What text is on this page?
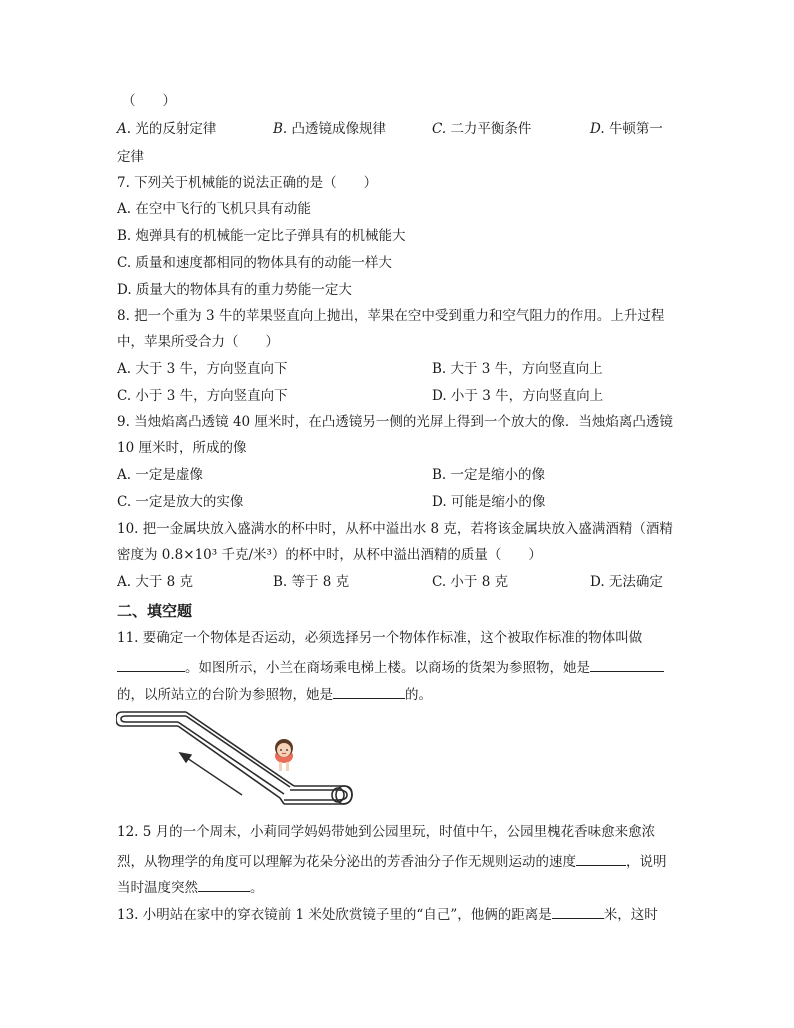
（　　）
A. 光的反射定律	B. 凸透镜成像规律	C. 二力平衡条件	D. 牛顿第一
定律
7. 下列关于机械能的说法正确的是（　　）
A. 在空中飞行的飞机只具有动能
B. 炮弹具有的机械能一定比子弹具有的机械能大
C. 质量和速度都相同的物体具有的动能一样大
D. 质量大的物体具有的重力势能一定大
8. 把一个重为 3 牛的苹果竖直向上抛出，苹果在空中受到重力和空气阻力的作用。上升过程
中，苹果所受合力（　　）
A. 大于 3 牛，方向竖直向下	B. 大于 3 牛，方向竖直向上
C. 小于 3 牛，方向竖直向下	D. 小于 3 牛，方向竖直向上
9. 当烛焰离凸透镜 40 厘米时，在凸透镜另一侧的光屏上得到一个放大的像．当烛焰离凸透镜
10 厘米时，所成的像
A. 一定是虚像	B. 一定是缩小的像
C. 一定是放大的实像	D. 可能是缩小的像
10. 把一金属块放入盛满水的杯中时，从杯中溢出水 8 克，若将该金属块放入盛满酒精（酒精
密度为 0.8×10³ 千克/米³）的杯中时，从杯中溢出酒精的质量（　　）
A. 大于 8 克	B. 等于 8 克	C. 小于 8 克	D. 无法确定
二、填空题
11. 要确定一个物体是否运动，必须选择另一个物体作标准，这个被取作标准的物体叫做
。如图所示，小兰在商场乘电梯上楼。以商场的货架为参照物，她是
的，以所站立的台阶为参照物，她是	的。
12. 5 月的一个周末，小莉同学妈妈带她到公园里玩，时值中午，公园里槐花香味愈来愈浓
烈，从物理学的角度可以理解为花朵分泌出的芳香油分子作无规则运动的速度	，说明
当时温度突然	。
13. 小明站在家中的穿衣镜前 1 米处欣赏镜子里的“自己”，他俩的距离是	米，这时
